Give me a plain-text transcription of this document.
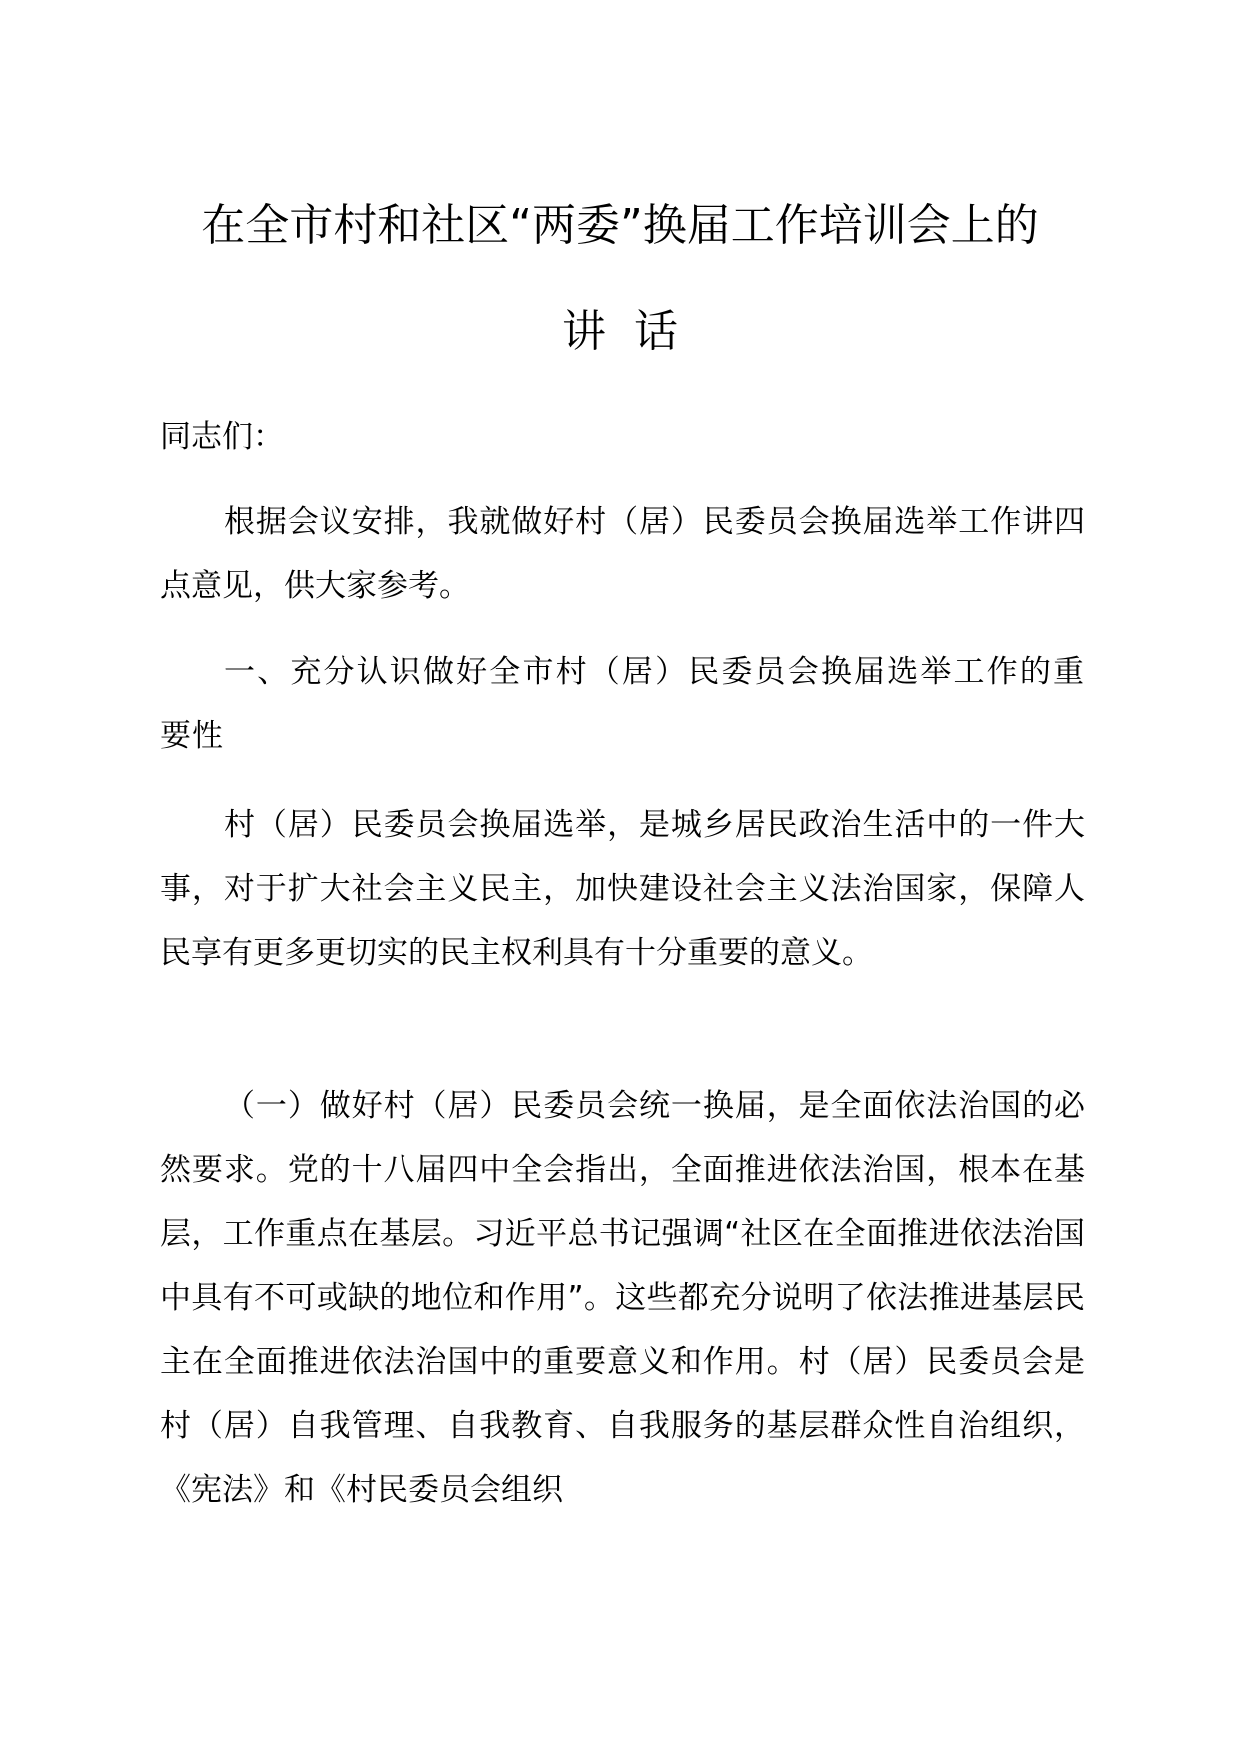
在全市村和社区“两委”换届工作培训会上的
讲话

同志们：

根据会议安排，我就做好村（居）民委员会换届选举工作讲四点意见，供大家参考。

一、充分认识做好全市村（居）民委员会换届选举工作的重要性

村（居）民委员会换届选举，是城乡居民政治生活中的一件大事，对于扩大社会主义民主，加快建设社会主义法治国家，保障人民享有更多更切实的民主权利具有十分重要的意义。

（一）做好村（居）民委员会统一换届，是全面依法治国的必然要求。党的十八届四中全会指出，全面推进依法治国，根本在基层，工作重点在基层。习近平总书记强调“社区在全面推进依法治国中具有不可或缺的地位和作用”。这些都充分说明了依法推进基层民主在全面推进依法治国中的重要意义和作用。村（居）民委员会是村（居）自我管理、自我教育、自我服务的基层群众性自治组织，《宪法》和《村民委员会组织
